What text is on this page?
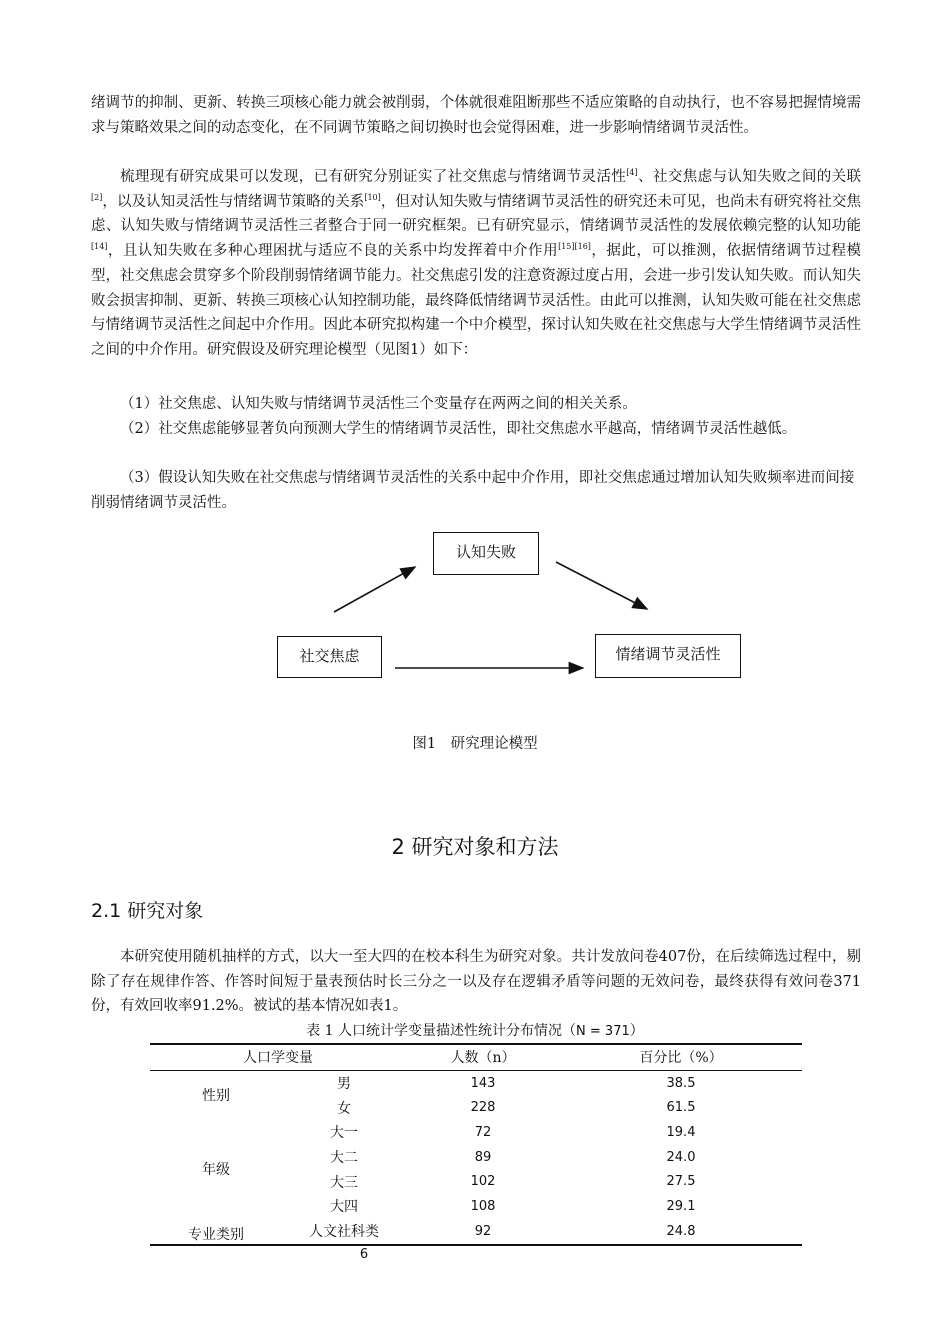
绪调节的抑制、更新、转换三项核心能力就会被削弱，个体就很难阻断那些不适应策略的自动执行，也不容易把握情境需求与策略效果之间的动态变化，在不同调节策略之间切换时也会觉得困难，进一步影响情绪调节灵活性。

梳理现有研究成果可以发现，已有研究分别证实了社交焦虑与情绪调节灵活性[4]、社交焦虑与认知失败之间的关联[2]，以及认知灵活性与情绪调节策略的关系[10]，但对认知失败与情绪调节灵活性的研究还未可见，也尚未有研究将社交焦虑、认知失败与情绪调节灵活性三者整合于同一研究框架。已有研究显示，情绪调节灵活性的发展依赖完整的认知功能[14]，且认知失败在多种心理困扰与适应不良的关系中均发挥着中介作用[15][16]，据此，可以推测，依据情绪调节过程模型，社交焦虑会贯穿多个阶段削弱情绪调节能力。社交焦虑引发的注意资源过度占用，会进一步引发认知失败。而认知失败会损害抑制、更新、转换三项核心认知控制功能，最终降低情绪调节灵活性。由此可以推测，认知失败可能在社交焦虑与情绪调节灵活性之间起中介作用。因此本研究拟构建一个中介模型，探讨认知失败在社交焦虑与大学生情绪调节灵活性之间的中介作用。研究假设及研究理论模型（见图1）如下：

（1）社交焦虑、认知失败与情绪调节灵活性三个变量存在两两之间的相关关系。

（2）社交焦虑能够显著负向预测大学生的情绪调节灵活性，即社交焦虑水平越高，情绪调节灵活性越低。

（3）假设认知失败在社交焦虑与情绪调节灵活性的关系中起中介作用，即社交焦虑通过增加认知失败频率进而间接削弱情绪调节灵活性。

认知失败
社交焦虑	情绪调节灵活性
图1　研究理论模型
2 研究对象和方法
2.1 研究对象

本研究使用随机抽样的方式，以大一至大四的在校本科生为研究对象。共计发放问卷407份，在后续筛选过程中，剔除了存在规律作答、作答时间短于量表预估时长三分之一以及存在逻辑矛盾等问题的无效问卷，最终获得有效问卷371份，有效回收率91.2%。被试的基本情况如表1。

表 1 人口统计学变量描述性统计分布情况（N = 371）
人口学变量		人数（n）	百分比（%）
性别	男	143	38.5
	女	228	61.5
年级	大一	72	19.4
	大二	89	24.0
	大三	102	27.5
	大四	108	29.1
专业类别	人文社科类	92	24.8
6
